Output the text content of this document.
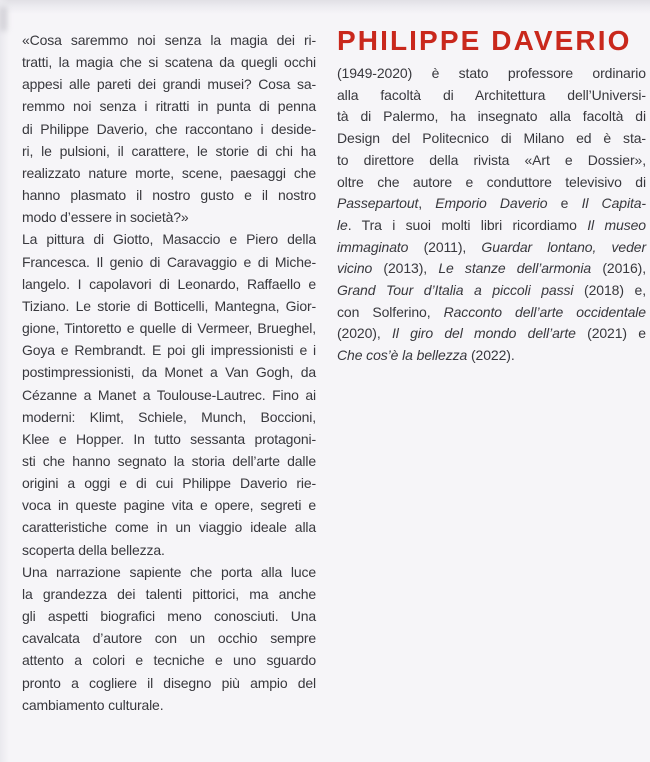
«Cosa saremmo noi senza la magia dei ri-
tratti, la magia che si scatena da quegli occhi
appesi alle pareti dei grandi musei? Cosa sa-
remmo noi senza i ritratti in punta di penna
di Philippe Daverio, che raccontano i deside-
ri, le pulsioni, il carattere, le storie di chi ha
realizzato nature morte, scene, paesaggi che
hanno plasmato il nostro gusto e il nostro
modo d’essere in società?»
La pittura di Giotto, Masaccio e Piero della
Francesca. Il genio di Caravaggio e di Miche-
langelo. I capolavori di Leonardo, Raffaello e
Tiziano. Le storie di Botticelli, Mantegna, Gior-
gione, Tintoretto e quelle di Vermeer, Brueghel,
Goya e Rembrandt. E poi gli impressionisti e i
postimpressionisti, da Monet a Van Gogh, da
Cézanne a Manet a Toulouse-Lautrec. Fino ai
moderni: Klimt, Schiele, Munch, Boccioni,
Klee e Hopper. In tutto sessanta protagoni-
sti che hanno segnato la storia dell’arte dalle
origini a oggi e di cui Philippe Daverio rie-
voca in queste pagine vita e opere, segreti e
caratteristiche come in un viaggio ideale alla
scoperta della bellezza.
Una narrazione sapiente che porta alla luce
la grandezza dei talenti pittorici, ma anche
gli aspetti biografici meno conosciuti. Una
cavalcata d’autore con un occhio sempre
attento a colori e tecniche e uno sguardo
pronto a cogliere il disegno più ampio del
cambiamento culturale.
PHILIPPE DAVERIO
(1949-2020) è stato professore ordinario
alla facoltà di Architettura dell’Universi-
tà di Palermo, ha insegnato alla facoltà di
Design del Politecnico di Milano ed è sta-
to direttore della rivista «Art e Dossier»,
oltre che autore e conduttore televisivo di
Passepartout, Emporio Daverio e Il Capita-
le. Tra i suoi molti libri ricordiamo Il museo
immaginato (2011), Guardar lontano, veder
vicino (2013), Le stanze dell’armonia (2016),
Grand Tour d’Italia a piccoli passi (2018) e,
con Solferino, Racconto dell’arte occidentale
(2020), Il giro del mondo dell’arte (2021) e
Che cos’è la bellezza (2022).
